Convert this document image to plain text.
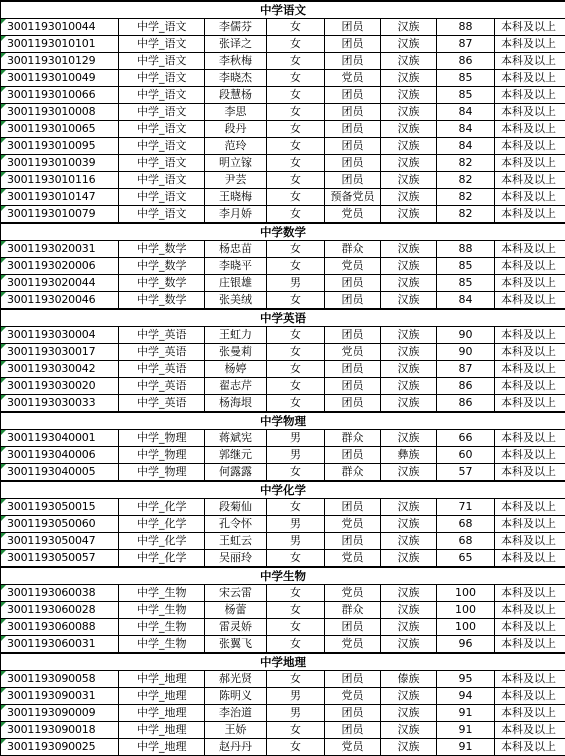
中学语文							
3001193010044	中学_语文	李儒芬	女	团员	汉族	88	本科及以上
3001193010101	中学_语文	张译之	女	团员	汉族	87	本科及以上
3001193010129	中学_语文	李秋梅	女	团员	汉族	86	本科及以上
3001193010049	中学_语文	李晓杰	女	党员	汉族	85	本科及以上
3001193010066	中学_语文	段慧杨	女	团员	汉族	85	本科及以上
3001193010008	中学_语文	李思	女	团员	汉族	84	本科及以上
3001193010065	中学_语文	段丹	女	团员	汉族	84	本科及以上
3001193010095	中学_语文	范玲	女	团员	汉族	84	本科及以上
3001193010039	中学_语文	明立镓	女	团员	汉族	82	本科及以上
3001193010116	中学_语文	尹芸	女	团员	汉族	82	本科及以上
3001193010147	中学_语文	王晓梅	女	预备党员	汉族	82	本科及以上
3001193010079	中学_语文	李月娇	女	党员	汉族	82	本科及以上
中学数学							
3001193020031	中学_数学	杨忠苗	女	群众	汉族	88	本科及以上
3001193020006	中学_数学	李晓平	女	党员	汉族	85	本科及以上
3001193020044	中学_数学	庄银雄	男	团员	汉族	85	本科及以上
3001193020046	中学_数学	张美绒	女	团员	汉族	84	本科及以上
中学英语							
3001193030004	中学_英语	王虹力	女	团员	汉族	90	本科及以上
3001193030017	中学_英语	张曼莉	女	党员	汉族	90	本科及以上
3001193030042	中学_英语	杨婷	女	团员	汉族	87	本科及以上
3001193030020	中学_英语	翟志芹	女	团员	汉族	86	本科及以上
3001193030033	中学_英语	杨海垠	女	团员	汉族	86	本科及以上
中学物理							
3001193040001	中学_物理	蒋斌宪	男	群众	汉族	66	本科及以上
3001193040006	中学_物理	郭继元	男	团员	彝族	60	本科及以上
3001193040005	中学_物理	何露露	女	群众	汉族	57	本科及以上
中学化学							
3001193050015	中学_化学	段菊仙	女	团员	汉族	71	本科及以上
3001193050060	中学_化学	孔令怀	男	党员	汉族	68	本科及以上
3001193050047	中学_化学	王虹云	男	团员	汉族	68	本科及以上
3001193050057	中学_化学	吴丽玲	女	党员	汉族	65	本科及以上
中学生物							
3001193060038	中学_生物	宋云雷	女	党员	汉族	100	本科及以上
3001193060028	中学_生物	杨蕾	女	群众	汉族	100	本科及以上
3001193060088	中学_生物	雷灵娇	女	团员	汉族	100	本科及以上
3001193060031	中学_生物	张翼飞	女	党员	汉族	96	本科及以上
中学地理							
3001193090058	中学_地理	郝光贤	女	团员	傣族	95	本科及以上
3001193090031	中学_地理	陈明义	男	党员	汉族	94	本科及以上
3001193090009	中学_地理	李治道	男	团员	汉族	91	本科及以上
3001193090018	中学_地理	王娇	女	团员	汉族	91	本科及以上
3001193090025	中学_地理	赵丹丹	女	党员	汉族	91	本科及以上
